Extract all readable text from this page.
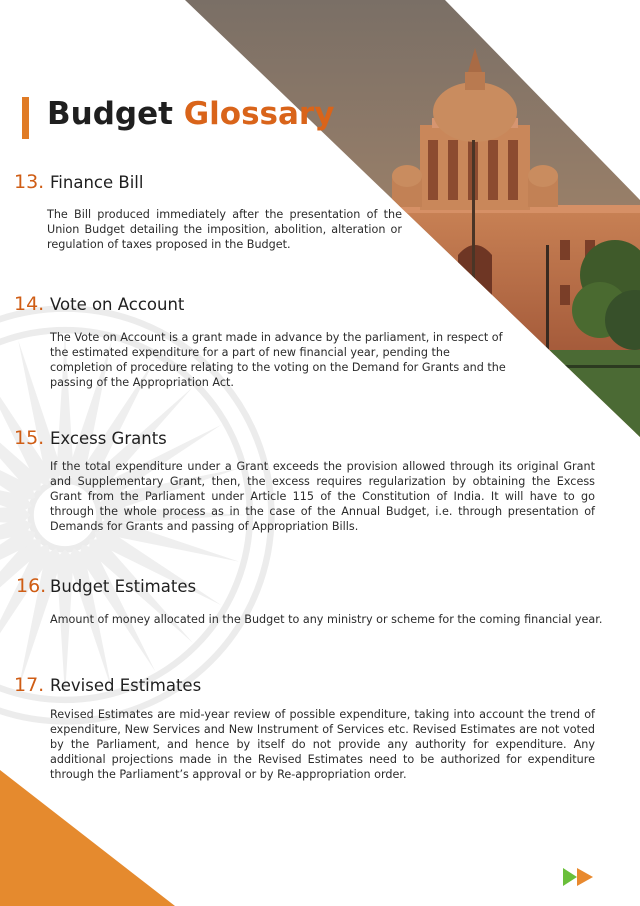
Budget Glossary
13. Finance Bill
The Bill produced immediately after the presentation of the Union Budget detailing the imposition, abolition, alteration or regulation of taxes proposed in the Budget.
14. Vote on Account
The Vote on Account is a grant made in advance by the parliament, in respect of the estimated expenditure for a part of new financial year, pending the completion of procedure relating to the voting on the Demand for Grants and the passing of the Appropriation Act.
15. Excess Grants
If the total expenditure under a Grant exceeds the provision allowed through its original Grant and Supplementary Grant, then, the excess requires regularization by obtaining the Excess Grant from the Parliament under Article 115 of the Constitution of India. It will have to go through the whole process as in the case of the Annual Budget, i.e. through presentation of Demands for Grants and passing of Appropriation Bills.
16. Budget Estimates
Amount of money allocated in the Budget to any ministry or scheme for the coming financial year.
17. Revised Estimates
Revised Estimates are mid-year review of possible expenditure, taking into account the trend of expenditure, New Services and New Instrument of Services etc. Revised Estimates are not voted by the Parliament, and hence by itself do not provide any authority for expenditure. Any additional projections made in the Revised Estimates need to be authorized for expenditure through the Parliament’s approval or by Re-appropriation order.
